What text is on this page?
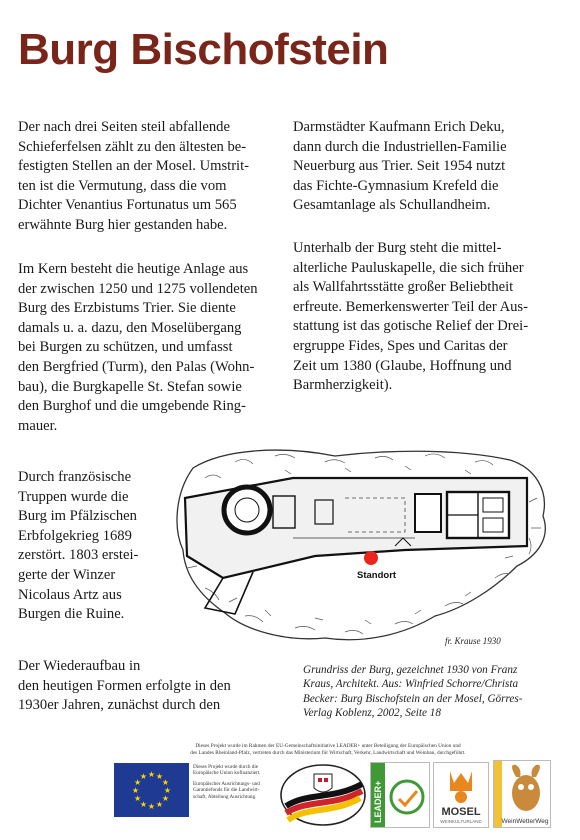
Burg Bischofstein

Der nach drei Seiten steil abfallende
Schieferfelsen zählt zu den ältesten be-
festigten Stellen an der Mosel. Umstrit-
ten ist die Vermutung, dass die vom
Dichter Venantius Fortunatus um 565
erwähnte Burg hier gestanden habe.

Im Kern besteht die heutige Anlage aus
der zwischen 1250 und 1275 vollendeten
Burg des Erzbistums Trier. Sie diente
damals u. a. dazu, den Moselübergang
bei Burgen zu schützen, und umfasst
den Bergfried (Turm), den Palas (Wohn-
bau), die Burgkapelle St. Stefan sowie
den Burghof und die umgebende Ring-
mauer.

Durch französische
Truppen wurde die
Burg im Pfälzischen
Erbfolgekrieg 1689
zerstört. 1803 erstei-
gerte der Winzer
Nicolaus Artz aus
Burgen die Ruine.

Der Wiederaufbau in
den heutigen Formen erfolgte in den
1930er Jahren, zunächst durch den

Darmstädter Kaufmann Erich Deku,
dann durch die Industriellen-Familie
Neuerburg aus Trier. Seit 1954 nutzt
das Fichte-Gymnasium Krefeld die
Gesamtanlage als Schullandheim.

Unterhalb der Burg steht die mittel-
alterliche Pauluskapelle, die sich früher
als Wallfahrtsstätte großer Beliebtheit
erfreute. Bemerkenswerter Teil der Aus-
stattung ist das gotische Relief der Drei-
ergruppe Fides, Spes und Caritas der
Zeit um 1380 (Glaube, Hoffnung und
Barmherzigkeit).

Standort
fr. Krause 1930

Grundriss der Burg, gezeichnet 1930 von Franz
Kraus, Architekt. Aus: Winfried Schorre/Christa
Becker: Burg Bischofstein an der Mosel, Görres-
Verlag Koblenz, 2002, Seite 18

Dieses Projekt wurde im Rahmen der EU-Gemeinschaftsinitiative LEADER+ unter Beteiligung der Europäischen Union und
des Landes Rheinland-Pfalz, vertreten durch das Ministerium für Wirtschaft, Verkehr, Landwirtschaft und Weinbau, durchgeführt.

★ ★
★
★
★
★
★
★
★
★
★
★

Dieses Projekt wurde durch die
Europäische Union kofinanziert.
Europäischer Ausrichtungs- und
Garantiefonds für die Landwirt-
schaft, Abteilung Ausrichtung.	LEADER+	MOSEL
WEINKULTURLAND	WeinWetterWeg
